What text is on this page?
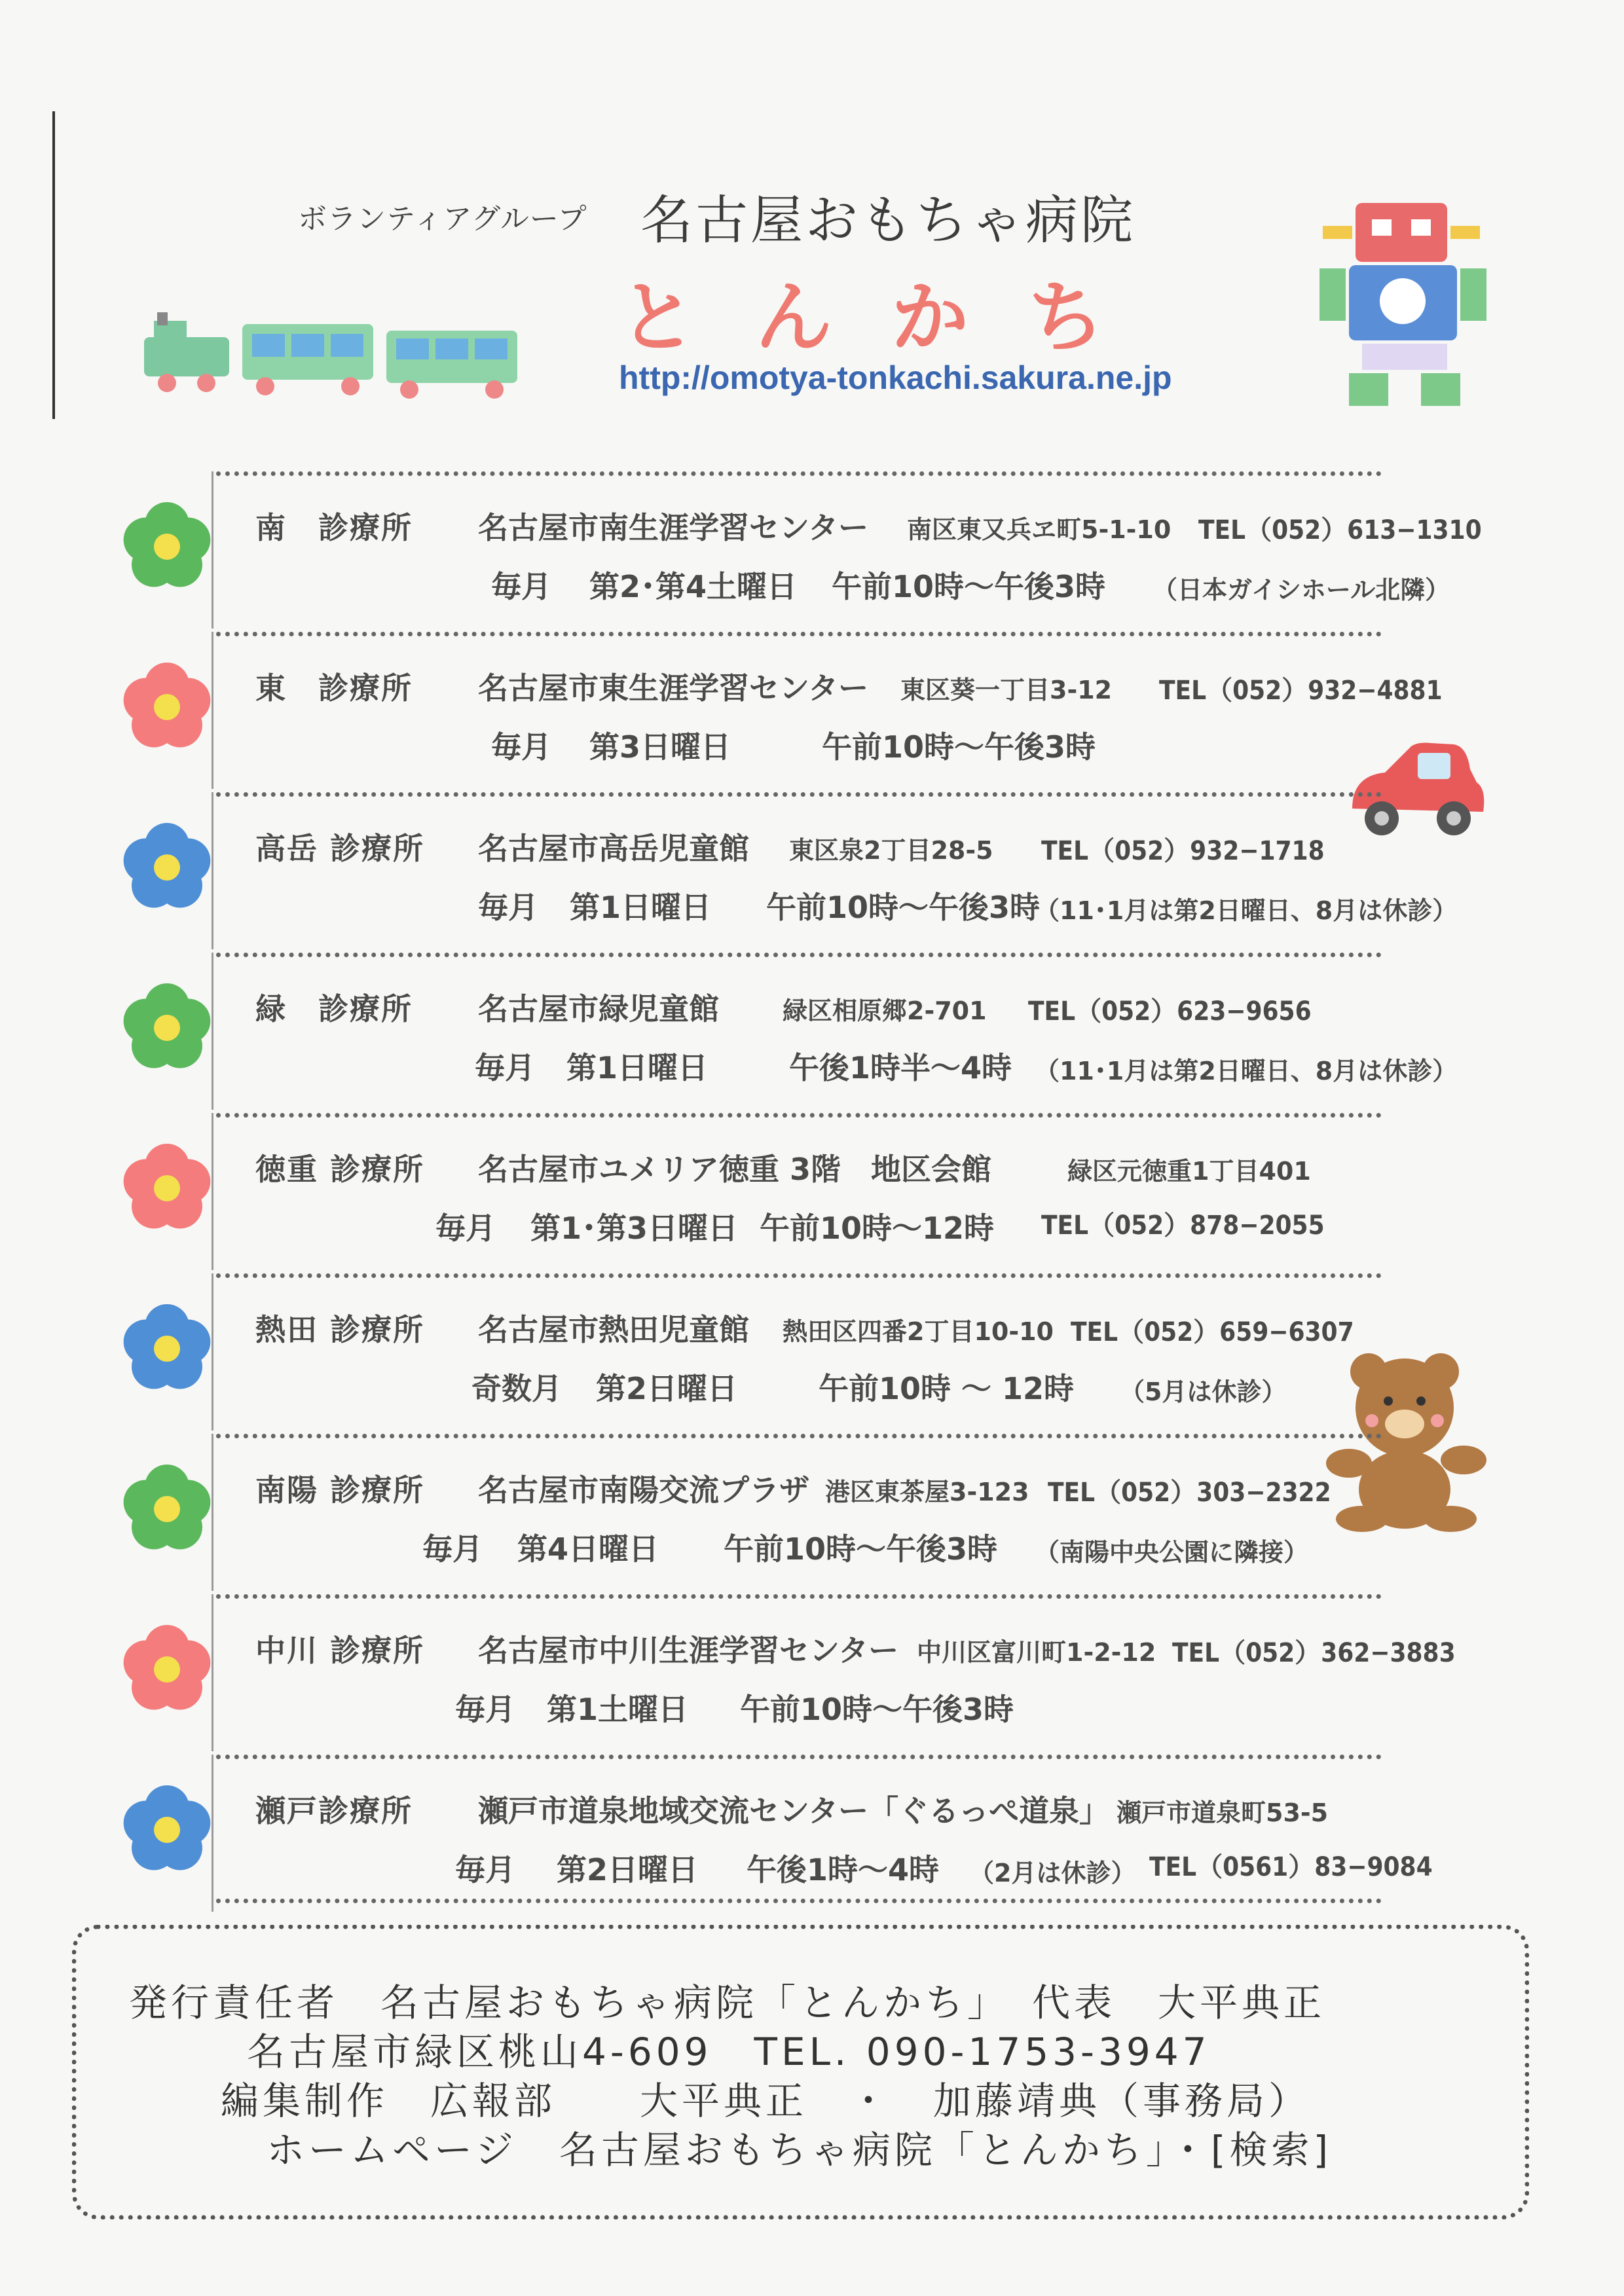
ボランティアグループ 名古屋おもちゃ病院
とんかち
http://omotya-tonkachi.sakura.ne.jp
南　診療所 名古屋市南生涯学習センター 南区東又兵ヱ町5-1-10 TEL（052）613−1310
毎月 第2･第4土曜日 午前10時〜午後3時 （日本ガイシホール北隣）
東　診療所 名古屋市東生涯学習センター 東区葵一丁目3-12 TEL（052）932−4881
毎月 第3日曜日	午前10時〜午後3時
高岳 診療所 名古屋市高岳児童館 東区泉2丁目28-5 TEL（052）932−1718
毎月 第1日曜日 午前10時〜午後3時
（11･1月は第2日曜日、8月は休診）
緑　診療所 名古屋市緑児童館	緑区相原郷2-701 TEL（052）623−9656
毎月 第1日曜日	午後1時半〜4時 （11･1月は第2日曜日、8月は休診）
徳重 診療所 名古屋市ユメリア徳重 3階　地区会館	緑区元徳重1丁目401
TEL（052）878−2055
毎月 第1･第3日曜日 午前10時〜12時
熱田 診療所 名古屋市熱田児童館 熱田区四番2丁目10-10 TEL（052）659−6307
奇数月 第2日曜日	午前10時 〜 12時 （5月は休診）
南陽 診療所 名古屋市南陽交流プラザ 港区東茶屋3-123 TEL（052）303−2322
毎月 第4日曜日 午前10時〜午後3時 （南陽中央公園に隣接）
中川 診療所 名古屋市中川生涯学習センター 中川区富川町1-2-12 TEL（052）362−3883
毎月 第1土曜日 午前10時〜午後3時
瀬戸診療所 瀬戸市道泉地域交流センター「ぐるっぺ道泉」 瀬戸市道泉町53-5
TEL（0561）83−9084
毎月 第2日曜日 午後1時〜4時 （2月は休診）
発行責任者　名古屋おもちゃ病院「とんかち」　代表　大平典正
名古屋市緑区桃山4-609　TEL. 090-1753-3947
編集制作　広報部　　大平典正　・　加藤靖典（事務局）
ホームページ　名古屋おもちゃ病院「とんかち」・[検索]
